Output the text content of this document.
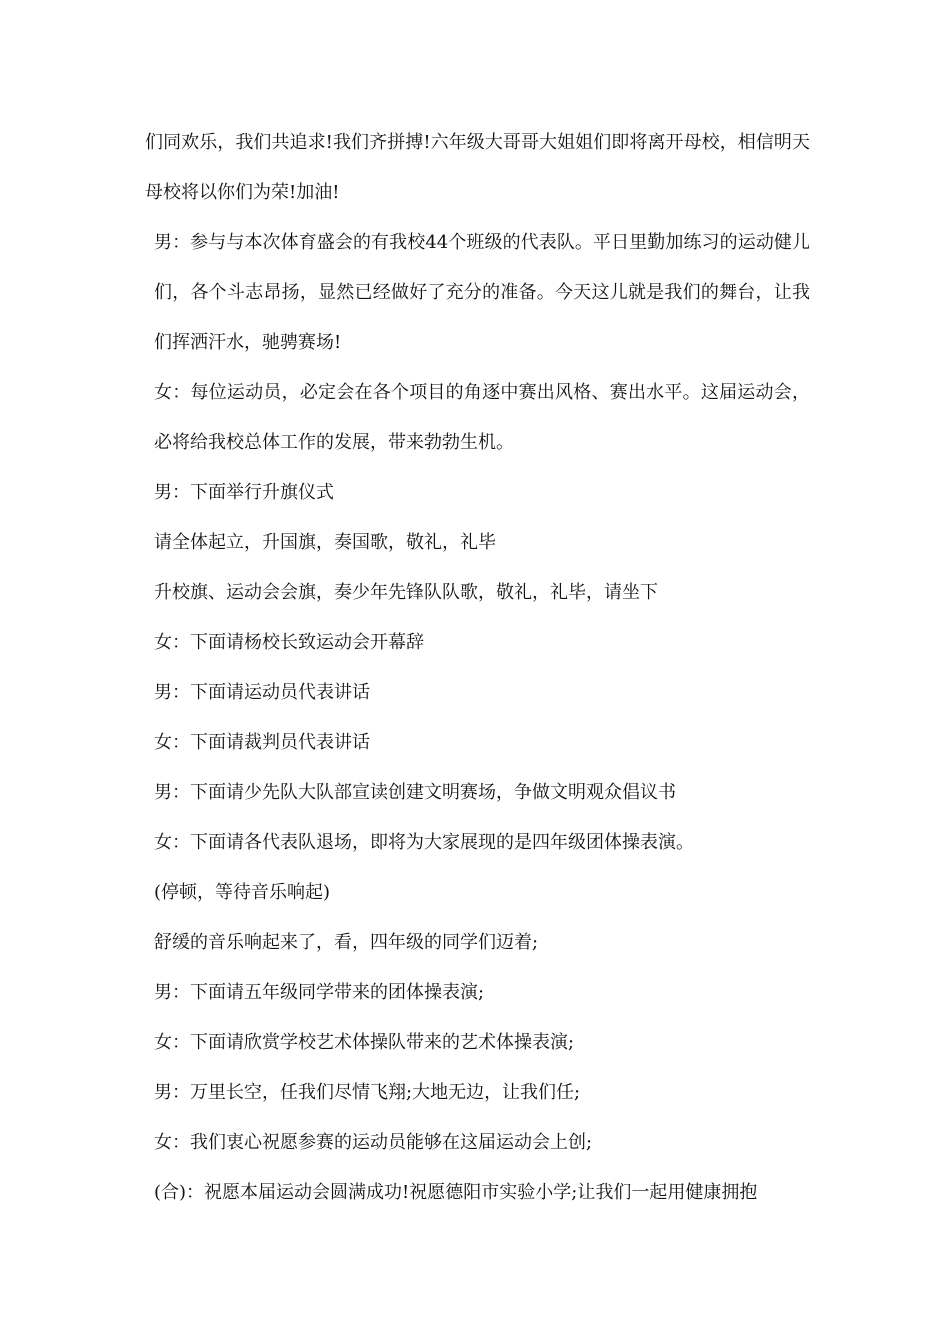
们同欢乐，我们共追求!我们齐拼搏!六年级大哥哥大姐姐们即将离开母校，相信明天母校将以你们为荣!加油!

男：参与与本次体育盛会的有我校44个班级的代表队。平日里勤加练习的运动健儿们，各个斗志昂扬，显然已经做好了充分的准备。今天这儿就是我们的舞台，让我们挥洒汗水，驰骋赛场!

女：每位运动员，必定会在各个项目的角逐中赛出风格、赛出水平。这届运动会，必将给我校总体工作的发展，带来勃勃生机。

男：下面举行升旗仪式

请全体起立，升国旗，奏国歌，敬礼，礼毕

升校旗、运动会会旗，奏少年先锋队队歌，敬礼，礼毕，请坐下

女：下面请杨校长致运动会开幕辞

男：下面请运动员代表讲话

女：下面请裁判员代表讲话

男：下面请少先队大队部宣读创建文明赛场，争做文明观众倡议书

女：下面请各代表队退场，即将为大家展现的是四年级团体操表演。

(停顿，等待音乐响起)

舒缓的音乐响起来了，看，四年级的同学们迈着;

男：下面请五年级同学带来的团体操表演;

女：下面请欣赏学校艺术体操队带来的艺术体操表演;

男：万里长空，任我们尽情飞翔;大地无边，让我们任;

女：我们衷心祝愿参赛的运动员能够在这届运动会上创;

(合)：祝愿本届运动会圆满成功!祝愿德阳市实验小学;让我们一起用健康拥抱
